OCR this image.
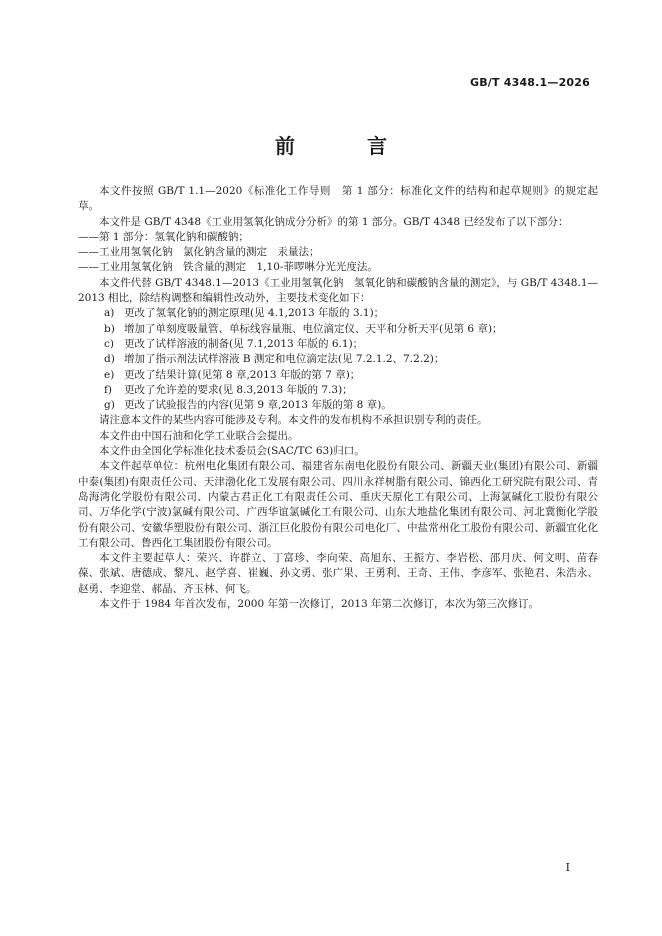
GB/T 4348.1—2026
前　言

本文件按照 GB/T 1.1—2020《标准化工作导则　第 1 部分：标准化文件的结构和起草规则》的规定起草。

本文件是 GB/T 4348《工业用氢氧化钠成分分析》的第 1 部分。GB/T 4348 已经发布了以下部分：

——第 1 部分：氢氧化钠和碳酸钠；

——工业用氢氧化钠　氯化钠含量的测定　汞量法；

——工业用氢氧化钠　铁含量的测定　1,10-菲啰啉分光光度法。

本文件代替 GB/T 4348.1—2013《工业用氢氧化钠　氢氧化钠和碳酸钠含量的测定》，与 GB/T 4348.1—2013 相比，除结构调整和编辑性改动外，主要技术变化如下：

a) 更改了氢氧化钠的测定原理(见 4.1,2013 年版的 3.1)；

b) 增加了单刻度吸量管、单标线容量瓶、电位滴定仪、天平和分析天平(见第 6 章)；

c) 更改了试样溶液的制备(见 7.1,2013 年版的 6.1)；

d) 增加了指示剂法试样溶液 B 测定和电位滴定法(见 7.2.1.2、7.2.2)；

e) 更改了结果计算(见第 8 章,2013 年版的第 7 章)；

f)	更改了允许差的要求(见 8.3,2013 年版的 7.3)；

g) 更改了试验报告的内容(见第 9 章,2013 年版的第 8 章)。

请注意本文件的某些内容可能涉及专利。本文件的发布机构不承担识别专利的责任。

本文件由中国石油和化学工业联合会提出。

本文件由全国化学标准化技术委员会(SAC/TC 63)归口。

本文件起草单位：杭州电化集团有限公司、福建省东南电化股份有限公司、新疆天业(集团)有限公司、新疆中泰(集团)有限责任公司、天津渤化化工发展有限公司、四川永祥树脂有限公司、锦西化工研究院有限公司、青岛海湾化学股份有限公司、内蒙古君正化工有限责任公司、重庆天原化工有限公司、上海氯碱化工股份有限公司、万华化学(宁波)氯碱有限公司、广西华谊氯碱化工有限公司、山东大地盐化集团有限公司、河北冀衡化学股份有限公司、安徽华塑股份有限公司、浙江巨化股份有限公司电化厂、中盐常州化工股份有限公司、新疆宜化化工有限公司、鲁西化工集团股份有限公司。

本文件主要起草人：荣兴、许群立、丁富珍、李向荣、高旭东、王振方、李岩松、邵月庆、何文明、苗春葆、张斌、唐德成、黎凡、赵学喜、崔巍、孙文勇、张广果、王勇利、王奇、王伟、李彦军、张艳君、朱浩永、赵勇、李迎堂、郝晶、齐玉林、何飞。

本文件于 1984 年首次发布，2000 年第一次修订，2013 年第二次修订，本次为第三次修订。

I
